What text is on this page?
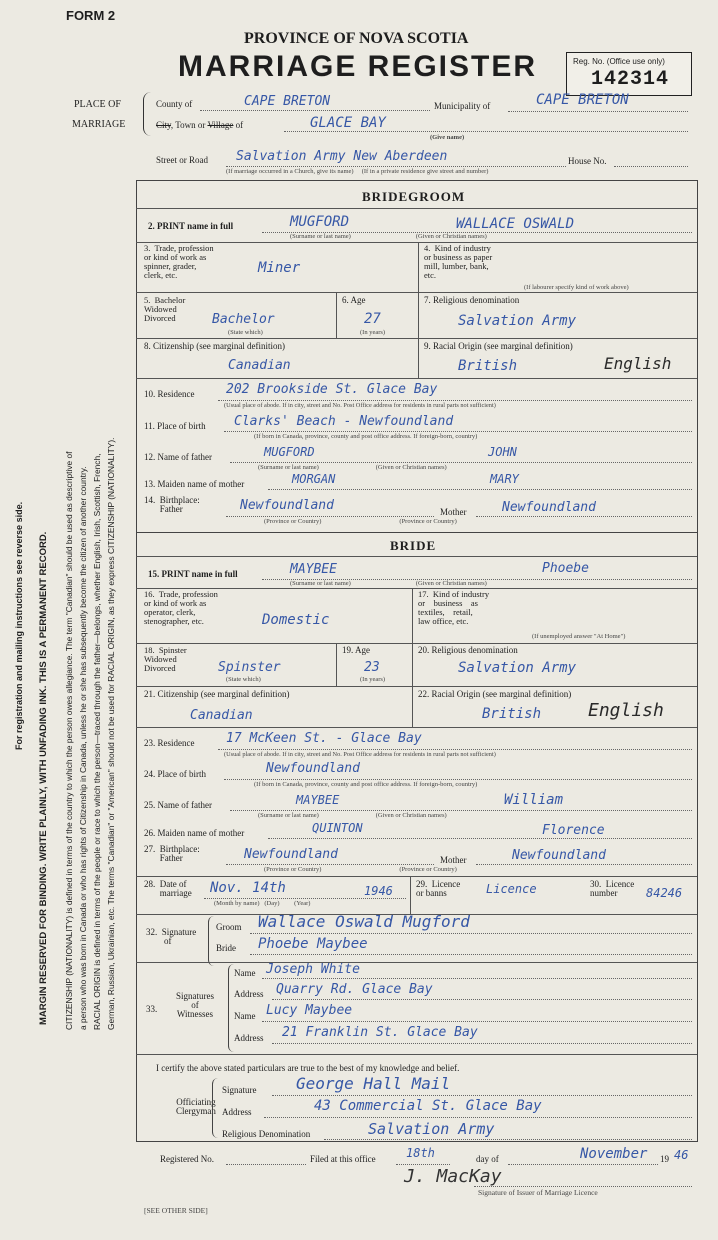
FORM 2
PROVINCE OF NOVA SCOTIA
MARRIAGE REGISTER	Reg. No. (Office use only)
142314
PLACE OF
MARRIAGE
County of	CAPE BRETON	Municipality of	CAPE BRETON
City, Town or Village of	GLACE BAY
(Give name)
Street or Road Salvation Army New Aberdeen	House No.
(If marriage occurred in a Church, give its name)     (If in a private residence give street and number)
For registration and mailing instructions see reverse side. MARGIN RESERVED FOR BINDING. WRITE PLAINLY, WITH UNFADING INK. THIS IS A PERMANENT RECORD. CITIZENSHIP (NATIONALITY) is defined in terms of the country to which the person owes allegiance. The term "Canadian" should be used as descriptive of a person who was born in Canada or who has rights of Citizenship in Canada, unless he or she has subsequently become the citizen of another country. RACIAL ORIGIN is defined in terms of the people or race to which the person—traced through the father—belongs, whether English, Irish, Scottish, French, German, Russian, Ukrainian, etc. The terms "Canadian" or "American" should not be used for RACIAL ORIGIN, as they express CITIZENSHIP (NATIONALITY).
BRIDEGROOM
2. PRINT name in full	MUGFORD	WALLACE OSWALD
(Surname or last name)                                        (Given or Christian names)
3.  Trade, profession
or kind of work as
spinner, grader,
clerk, etc.	Miner
4.  Kind of industry
or business as paper
mill, lumber, bank,
etc.
(If labourer specify kind of work above)
5.  Bachelor
Widowed
Divorced	Bachelor
(State which)
6. Age
27
(In years)
7. Religious denomination
Salvation Army
8. Citizenship (see marginal definition)
Canadian
9. Racial Origin (see marginal definition)
British	English
10. Residence 202 Brookside St. Glace Bay
(Usual place of abode. If in city, street and No. Post Office address for residents in rural parts not sufficient)
11. Place of birth Clarks' Beach - Newfoundland
(If born in Canada, province, county and post office address. If foreign-born, country)
12. Name of father	MUGFORD	JOHN
(Surname or last name)                                   (Given or Christian names)
13. Maiden name of mother	MORGAN	MARY
14.  Birthplace:
Father	Newfoundland	Mother	Newfoundland
(Province or Country)                                                (Province or Country)
BRIDE
15. PRINT name in full	MAYBEE	Phoebe
(Surname or last name)                                        (Given or Christian names)
16.  Trade, profession
or kind of work as
operator, clerk,
stenographer, etc.	Domestic
17.  Kind of industry
or    business    as
textiles,    retail,
law office, etc.
(If unemployed answer "At Home")
18.  Spinster
Widowed
Divorced	Spinster
(State which)
19. Age
23
(In years)
20. Religious denomination
Salvation Army
21. Citizenship (see marginal definition)
Canadian
22. Racial Origin (see marginal definition)
British	English
23. Residence 17 McKeen St. - Glace Bay
(Usual place of abode. If in city, street and No. Post Office address for residents in rural parts not sufficient)
24. Place of birth	Newfoundland
(If born in Canada, province, county and post office address. If foreign-born, country)
25. Name of father	MAYBEE	William
(Surname or last name)                                   (Given or Christian names)
26. Maiden name of mother	QUINTON	Florence
27.  Birthplace:
Father	Newfoundland	Mother	Newfoundland
(Province or Country)                                                (Province or Country)
28.  Date of
marriage Nov. 14th	1946
(Month by name)   (Day)         (Year)
29.  Licence
or banns	Licence	30.  Licence
number	84246
32.  Signature
of
Groom Wallace Oswald Mugford
Bride Phoebe Maybee
33.
Signatures
of
Witnesses
Name Joseph White
Address Quarry Rd. Glace Bay
Name Lucy Maybee
Address 21 Franklin St. Glace Bay
I certify the above stated particulars are true to the best of my knowledge and belief.
Officiating
Clergyman
Signature George Hall Mail
Address	43 Commercial St. Glace Bay
Religious Denomination	Salvation Army
Registered No.	Filed at this office	18th	day of	November 19 46
J. MacKay
Signature of Issuer of Marriage Licence
[SEE OTHER SIDE]
